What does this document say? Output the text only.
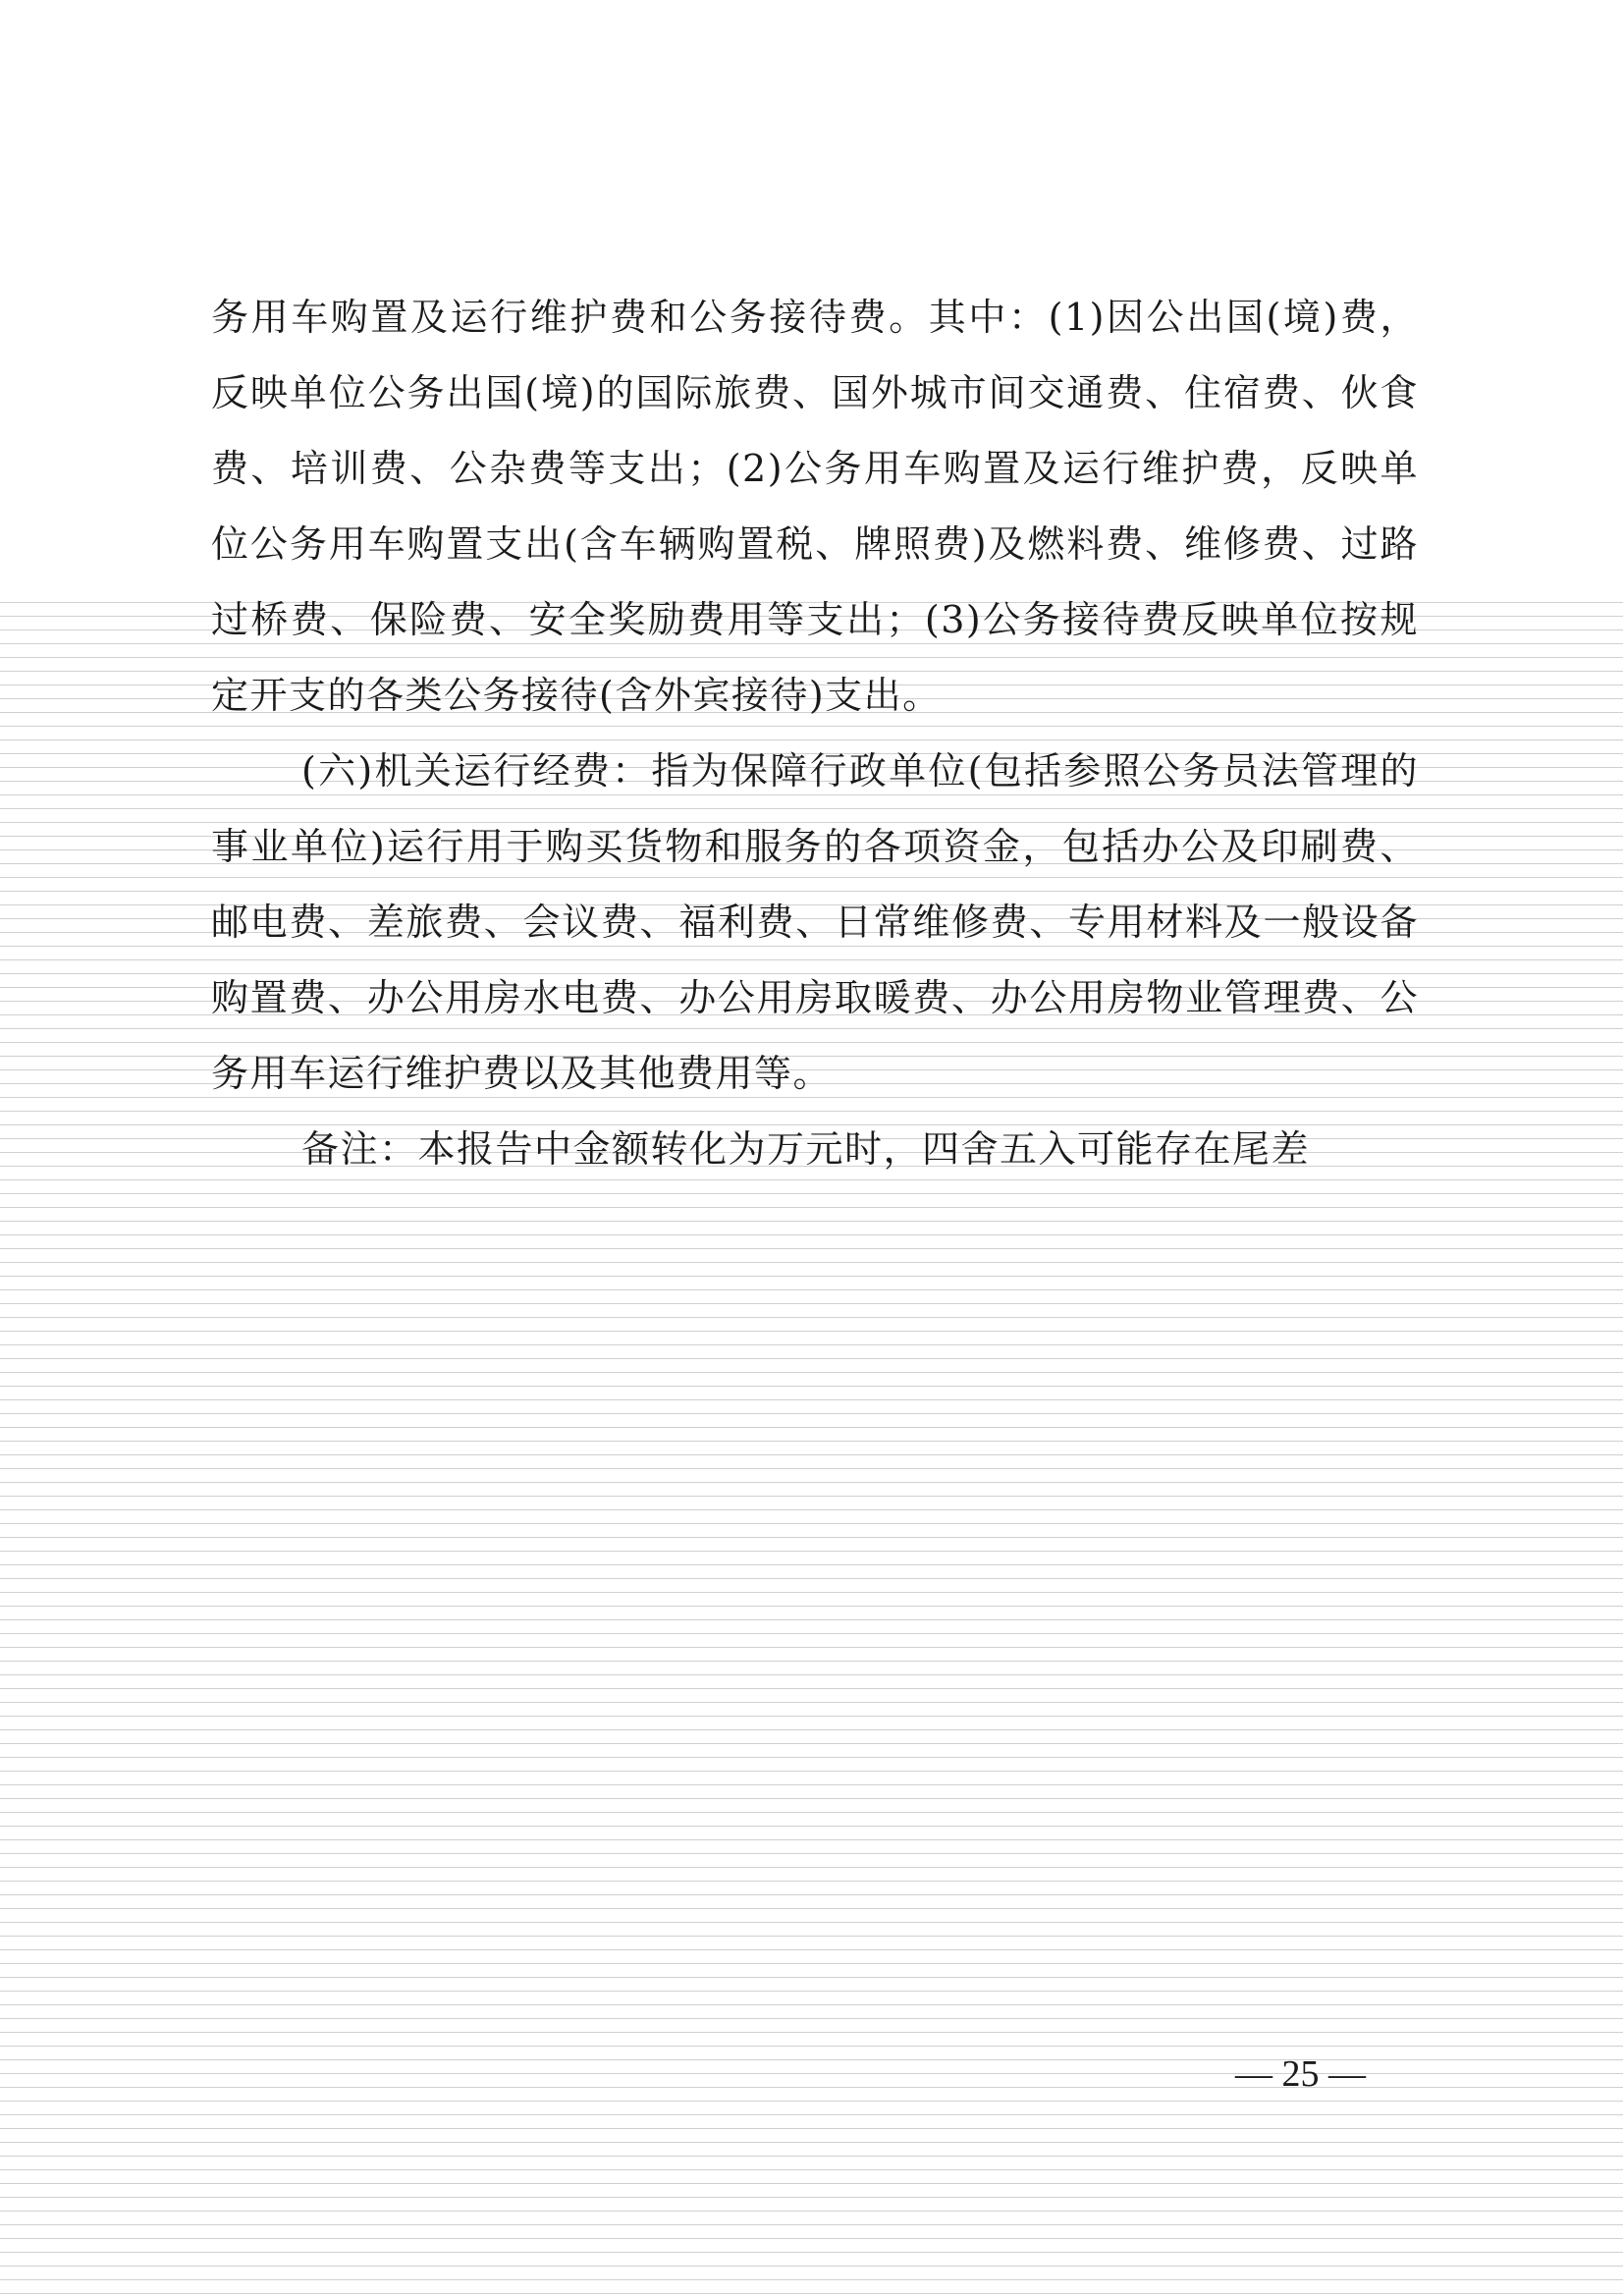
务用车购置及运行维护费和公务接待费。其中：(1)因公出国(境)费，反映单位公务出国(境)的国际旅费、国外城市间交通费、住宿费、伙食费、培训费、公杂费等支出；(2)公务用车购置及运行维护费，反映单位公务用车购置支出(含车辆购置税、牌照费)及燃料费、维修费、过路过桥费、保险费、安全奖励费用等支出；(3)公务接待费反映单位按规定开支的各类公务接待(含外宾接待)支出。

(六)机关运行经费：指为保障行政单位(包括参照公务员法管理的事业单位)运行用于购买货物和服务的各项资金，包括办公及印刷费、邮电费、差旅费、会议费、福利费、日常维修费、专用材料及一般设备购置费、办公用房水电费、办公用房取暖费、办公用房物业管理费、公务用车运行维护费以及其他费用等。

备注：本报告中金额转化为万元时，四舍五入可能存在尾差

— 25 —
